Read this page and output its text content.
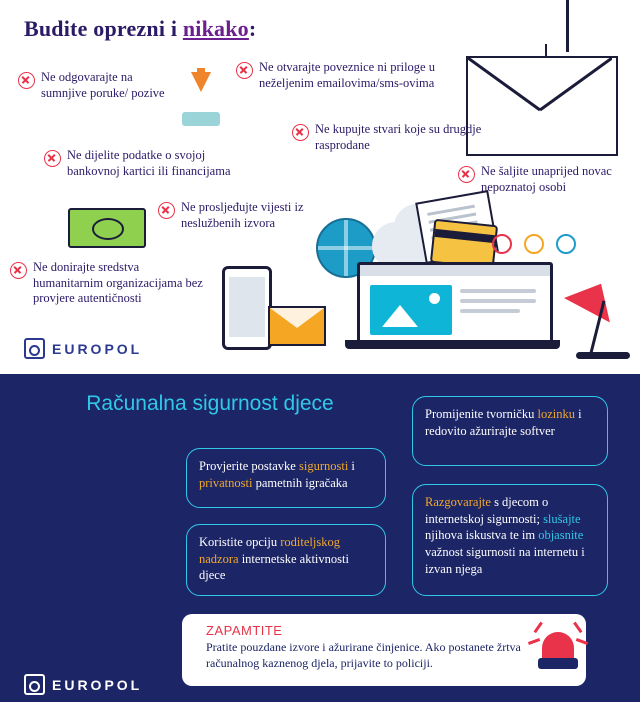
Budite oprezni i nikako:
Ne odgovarajte na sumnjive poruke/ pozive
Ne otvarajte poveznice ni priloge u neželjenim emailovima/sms-ovima
Ne kupujte stvari koje su drugdje rasprodane
Ne dijelite podatke o svojoj bankovnoj kartici ili financijama	Ne šaljite unaprijed novac nepoznatoj osobi
Ne prosljeđujte vijesti iz neslužbenih izvora
Ne donirajte sredstva humanitarnim organizacijama bez provjere autentičnosti
EUROPOL
Računalna sigurnost djece
Provjerite postavke sigurnosti i privatnosti pametnih igračaka
Koristite opciju roditeljskog nadzora internetske aktivnosti djece
Promijenite tvorničku lozinku i redovito ažurirajte softver
Razgovarajte s djecom o internetskoj sigurnosti; slušajte njihova iskustva te im objasnite važnost sigurnosti na internetu i izvan njega
EUROPOL
ZAPAMTITE
Pratite pouzdane izvore i ažurirane činjenice. Ako postanete žrtva računalnog kaznenog djela, prijavite to policiji.
